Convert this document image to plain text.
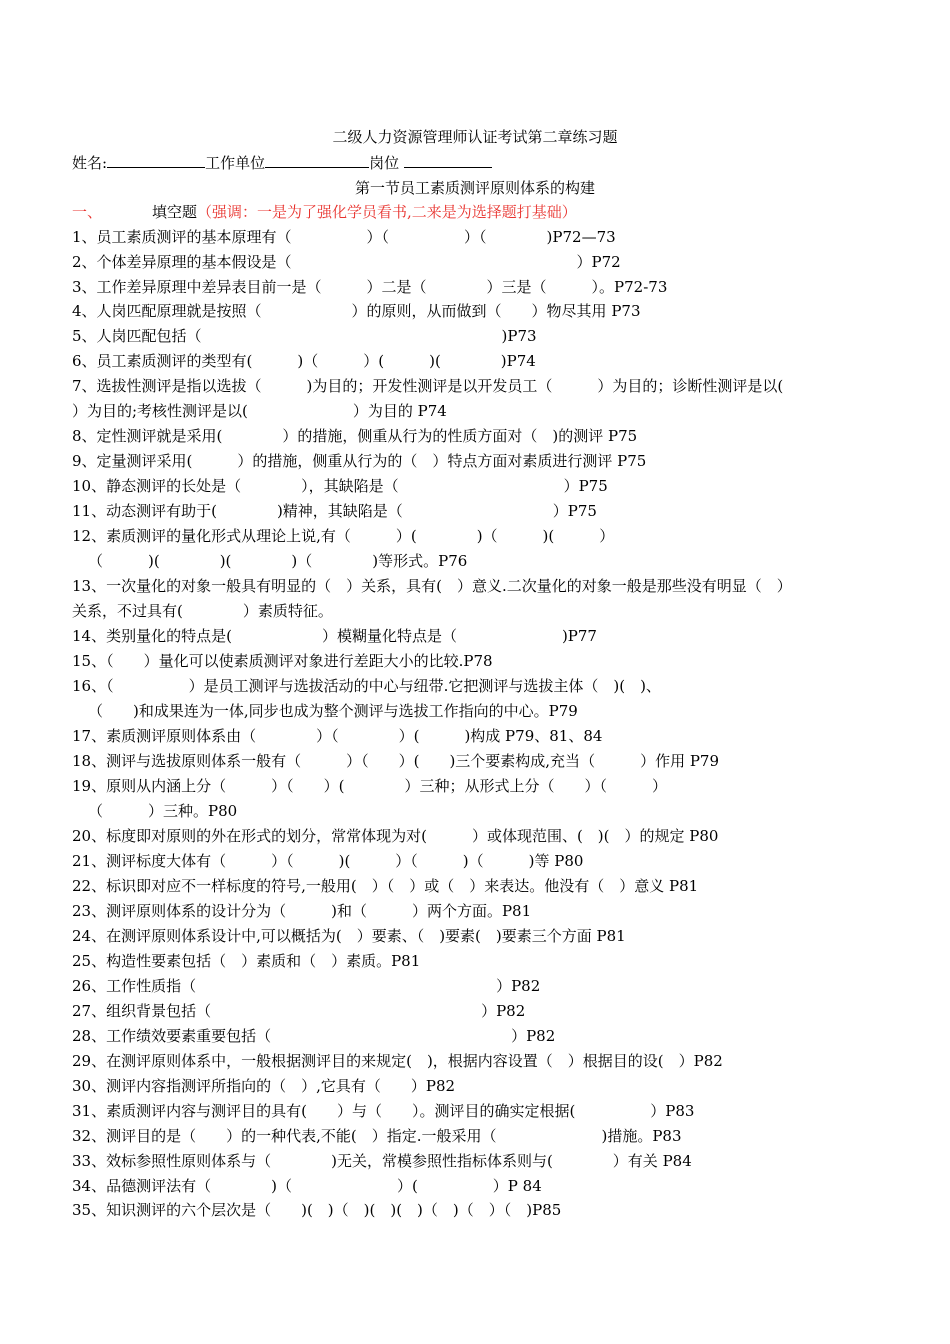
二级人力资源管理师认证考试第二章练习题
姓名:	工作单位	岗位
第一节员工素质测评原则体系的构建
一、	填空题（强调：一是为了强化学员看书,二来是为选择题打基础）
1、员工素质测评的基本原理有（　　　　　）（　　　　　）（　　　　)P72—73
2、个体差异原理的基本假设是（　　　　　　　　　　　　　　　　　　　）P72
3、工作差异原理中差异表目前一是（　　　）二是（　　　　）三是（　　　）。P72-73
4、人岗匹配原理就是按照（　　　　　　）的原则，从而做到（　　）物尽其用 P73
5、人岗匹配包括（　　　　　　　　　　　　　　　　　　　　)P73
6、员工素质测评的类型有(　　　)（　　　）(　　　)(　　　　)P74
7、选拔性测评是指以选拔（　　　)为目的；开发性测评是以开发员工（　　　）为目的；诊断性测评是以(
）为目的;考核性测评是以(　　　　　　　）为目的 P74
8、定性测评就是采用(　　　　）的措施，侧重从行为的性质方面对（　)的测评 P75
9、定量测评采用(　　　）的措施，侧重从行为的（　）特点方面对素质进行测评 P75
10、静态测评的长处是（　　　　），其缺陷是（　　　　　　　　　　　）P75
11、动态测评有助于(　　　　)精神，其缺陷是（　　　　　　　　　　）P75
12、素质测评的量化形式从理论上说,有（　　　）(　　　　)（　　　)(　　　）
（　　　)(　　　　)(　　　　)（　　　　)等形式。P76
13、一次量化的对象一般具有明显的（　）关系，具有(　）意义.二次量化的对象一般是那些没有明显（　）
关系，不过具有(　　　　）素质特征。
14、类别量化的特点是(　　　　　　）模糊量化特点是（　　　　　　　)P77
15、（　　）量化可以使素质测评对象进行差距大小的比较.P78
16、（　　　　　）是员工测评与选拔活动的中心与纽带.它把测评与选拔主体（　)(　)、
（　　)和成果连为一体,同步也成为整个测评与选拔工作指向的中心。P79
17、素质测评原则体系由（　　　　）（　　　　）(　　　)构成 P79、81、84
18、测评与选拔原则体系一般有（　　　）（　　）(　　)三个要素构成,充当（　　　）作用 P79
19、原则从内涵上分（　　　）（　　）(　　　　）三种；从形式上分（　　）（　　　）
（　　　）三种。P80
20、标度即对原则的外在形式的划分，常常体现为对(　　　）或体现范围、(　)(　）的规定 P80
21、测评标度大体有（　　　）（　　　)(　　　）（　　　)（　　　)等 P80
22、标识即对应不一样标度的符号,一般用(　）（　）或（　）来表达。他没有（　）意义 P81
23、测评原则体系的设计分为（　　　)和（　　　）两个方面。P81
24、在测评原则体系设计中,可以概括为(　）要素、（　)要素(　)要素三个方面 P81
25、构造性要素包括（　）素质和（　）素质。P81
26、工作性质指（　　　　　　　　　　　　　　　　　　　　）P82
27、组织背景包括（　　　　　　　　　　　　　　　　　　）P82
28、工作绩效要素重要包括（　　　　　　　　　　　　　　　　）P82
29、在测评原则体系中，一般根据测评目的来规定(　)，根据内容设置（　）根据目的设(　）P82
30、测评内容指测评所指向的（　）,它具有（　　）P82
31、素质测评内容与测评目的具有(　　）与（　　）。测评目的确实定根据(　　　　　）P83
32、测评目的是（　　）的一种代表,不能(　）指定.一般采用（　　　　　　　)措施。P83
33、效标参照性原则体系与（　　　　)无关，常模参照性指标体系则与(　　　　）有关 P84
34、品德测评法有（　　　　)（　　　　　　　）(　　　　　）P 84
35、知识测评的六个层次是（　　)(　)（　)(　)(　)（　)（　）（　)P85
